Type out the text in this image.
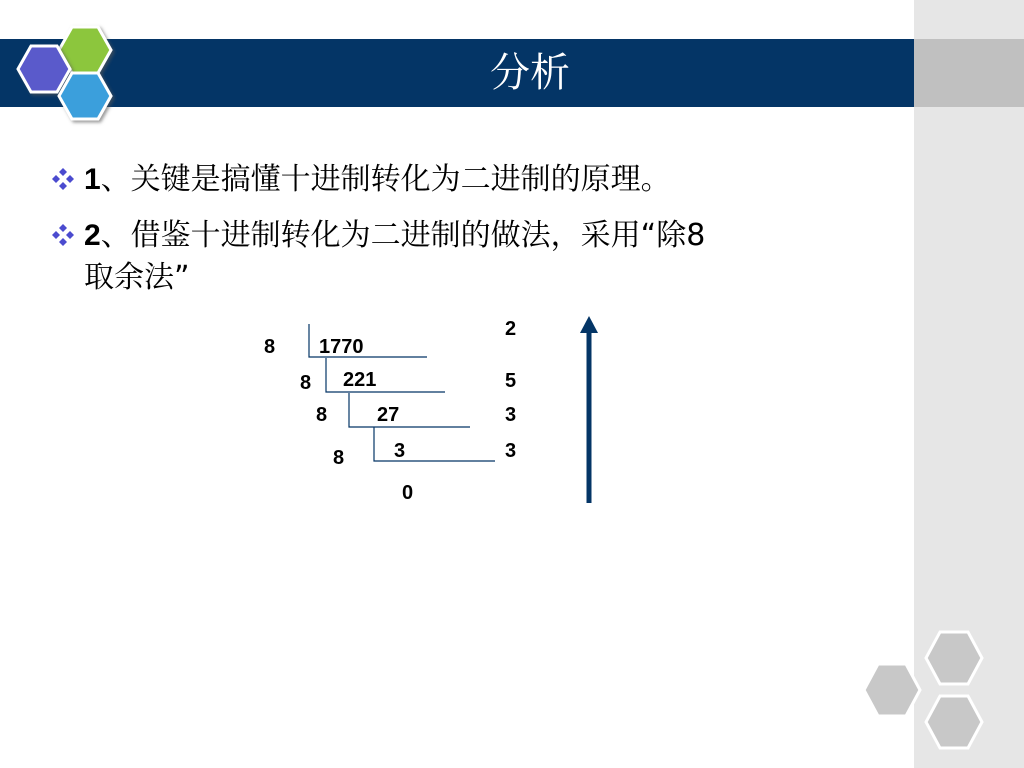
分析
1、关键是搞懂十进制转化为二进制的原理。
2、借鉴十进制转化为二进制的做法，采用“除8
取余法”
8
8
8
8
1770
221
27
3
0
2
5
3
3
